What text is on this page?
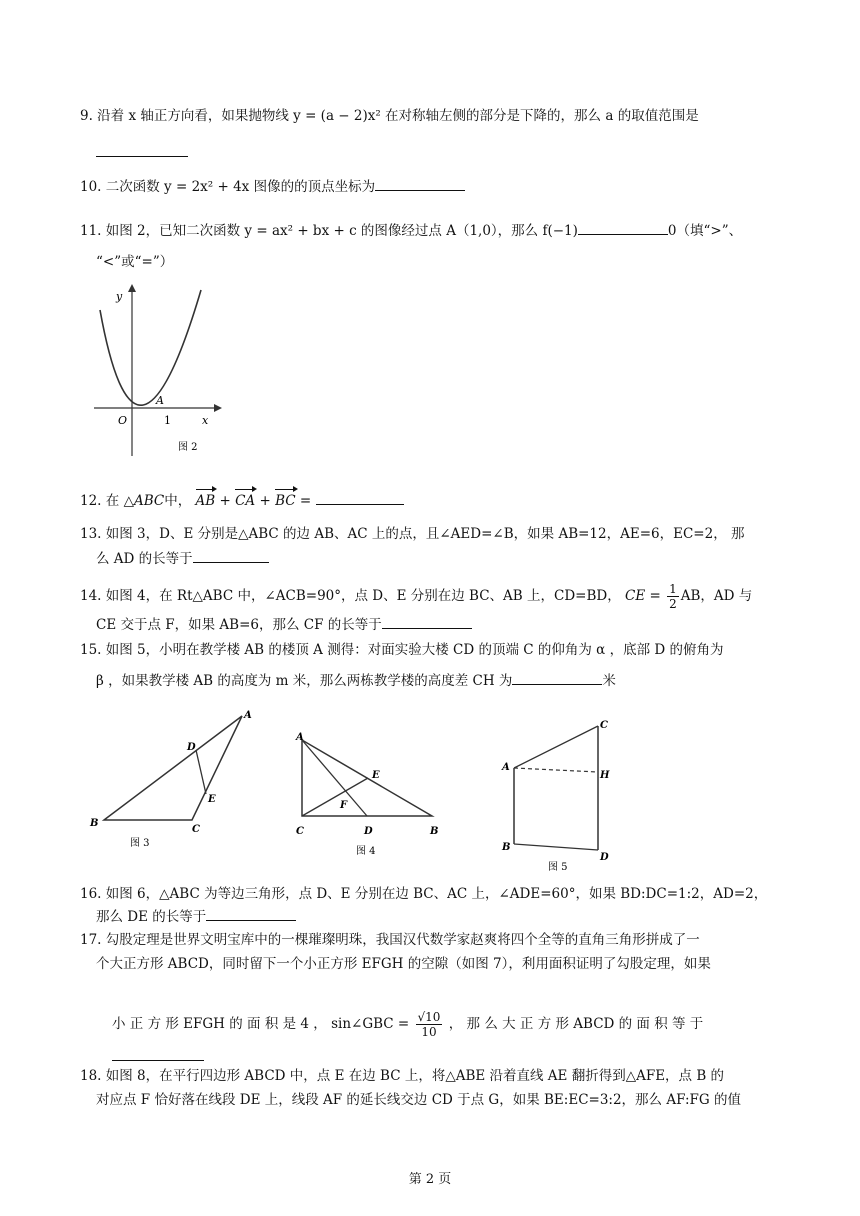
9. 沿着 x 轴正方向看，如果抛物线 y = (a − 2)x² 在对称轴左侧的部分是下降的，那么 a 的取值范围是
10. 二次函数 y = 2x² + 4x 图像的的顶点坐标为
11. 如图 2，已知二次函数 y = ax² + bx + c 的图像经过点 A（1,0），那么 f(−1)	0（填“>”、
“<”或“=”）
y
x
O
A
1
图 2
12. 在 △ABC中， AB + CA + BC =
13. 如图 3，D、E 分别是△ABC 的边 AB、AC 上的点，且∠AED=∠B，如果 AB=12，AE=6，EC=2， 那
么 AD 的长等于
14. 如图 4，在 Rt△ABC 中，∠ACB=90°，点 D、E 分别在边 BC、AB 上，CD=BD， CE = $\frac{1}{2}$ AB，AD 与
CE 交于点 F，如果 AB=6，那么 CF 的长等于
15. 如图 5，小明在教学楼 AB 的楼顶 A 测得：对面实验大楼 CD 的顶端 C 的仰角为 α ，底部 D 的俯角为
β ，如果教学楼 AB 的高度为 m 米，那么两栋教学楼的高度差 CH 为	米
A
B
C
D
E
图 3
A
B
C	D
E
F
图 4
A
B
C
D
H
图 5
16. 如图 6，△ABC 为等边三角形，点 D、E 分别在边 BC、AC 上，∠ADE=60°，如果 BD:DC=1:2，AD=2，
那么 DE 的长等于
17. 勾股定理是世界文明宝库中的一棵璀璨明珠，我国汉代数学家赵爽将四个全等的直角三角形拼成了一
个大正方形 ABCD，同时留下一个小正方形 EFGH 的空隙（如图 7），利用面积证明了勾股定理，如果
小 正 方 形 EFGH 的 面 积 是 4 ， sin∠GBC = $\frac{√10}{10}$ ， 那 么 大 正 方 形 ABCD 的 面 积 等 于
18. 如图 8，在平行四边形 ABCD 中，点 E 在边 BC 上，将△ABE 沿着直线 AE 翻折得到△AFE，点 B 的
对应点 F 恰好落在线段 DE 上，线段 AF 的延长线交边 CD 于点 G，如果 BE:EC=3:2，那么 AF:FG 的值
第 2 页
